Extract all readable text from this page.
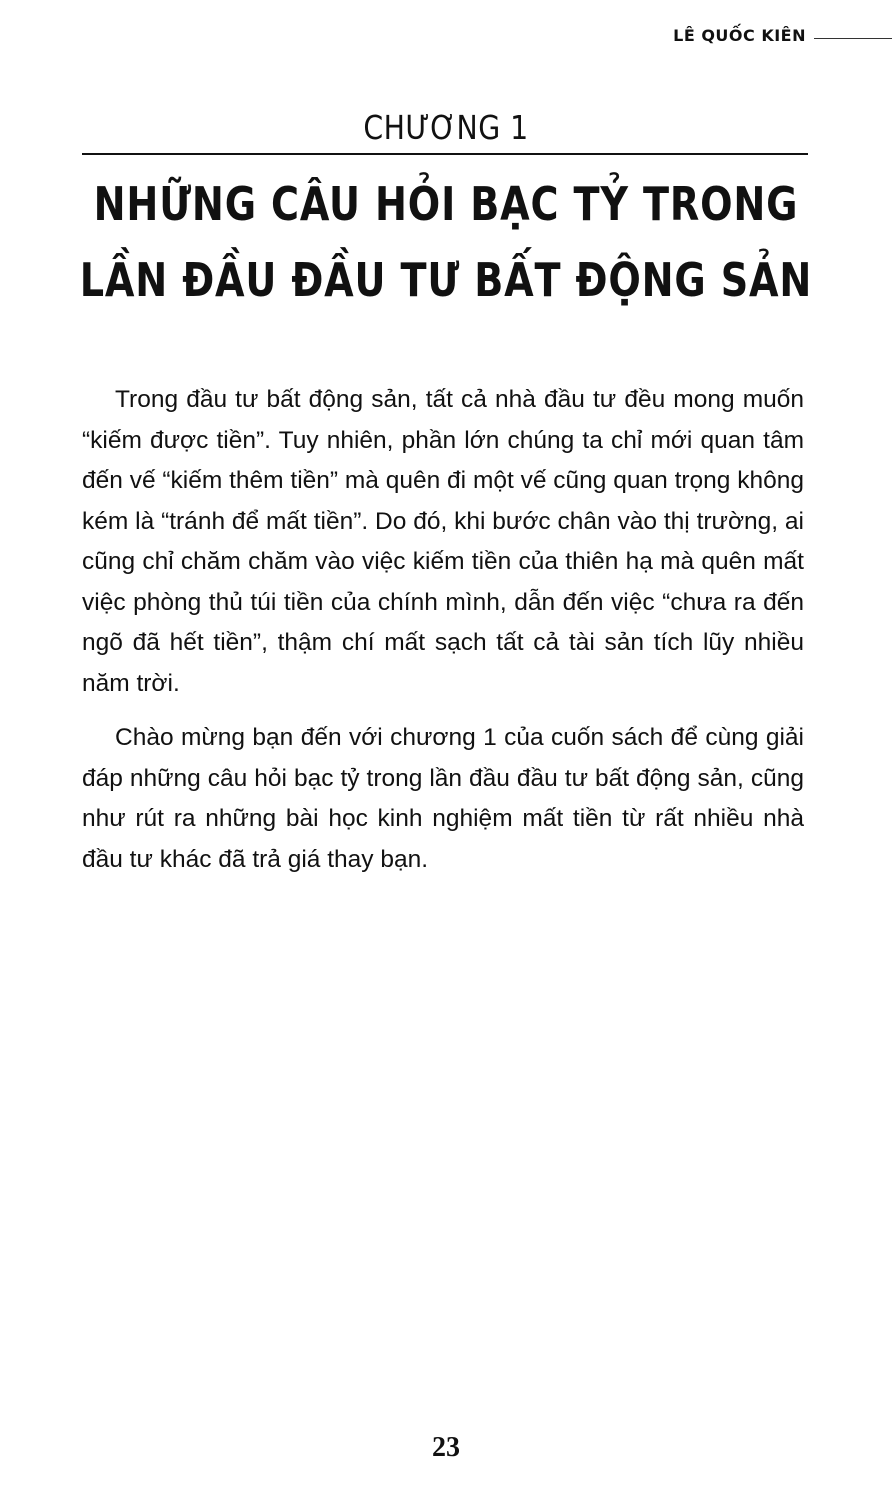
LÊ QUỐC KIÊN
CHƯƠNG 1
NHỮNG CÂU HỎI BẠC TỶ TRONG
LẦN ĐẦU ĐẦU TƯ BẤT ĐỘNG SẢN

Trong đầu tư bất động sản, tất cả nhà đầu tư đều mong muốn “kiếm được tiền”. Tuy nhiên, phần lớn chúng ta chỉ mới quan tâm đến vế “kiếm thêm tiền” mà quên đi một vế cũng quan trọng không kém là “tránh để mất tiền”. Do đó, khi bước chân vào thị trường, ai cũng chỉ chăm chăm vào việc kiếm tiền của thiên hạ mà quên mất việc phòng thủ túi tiền của chính mình, dẫn đến việc “chưa ra đến ngõ đã hết tiền”, thậm chí mất sạch tất cả tài sản tích lũy nhiều năm trời.

Chào mừng bạn đến với chương 1 của cuốn sách để cùng giải đáp những câu hỏi bạc tỷ trong lần đầu đầu tư bất động sản, cũng như rút ra những bài học kinh nghiệm mất tiền từ rất nhiều nhà đầu tư khác đã trả giá thay bạn.

23
